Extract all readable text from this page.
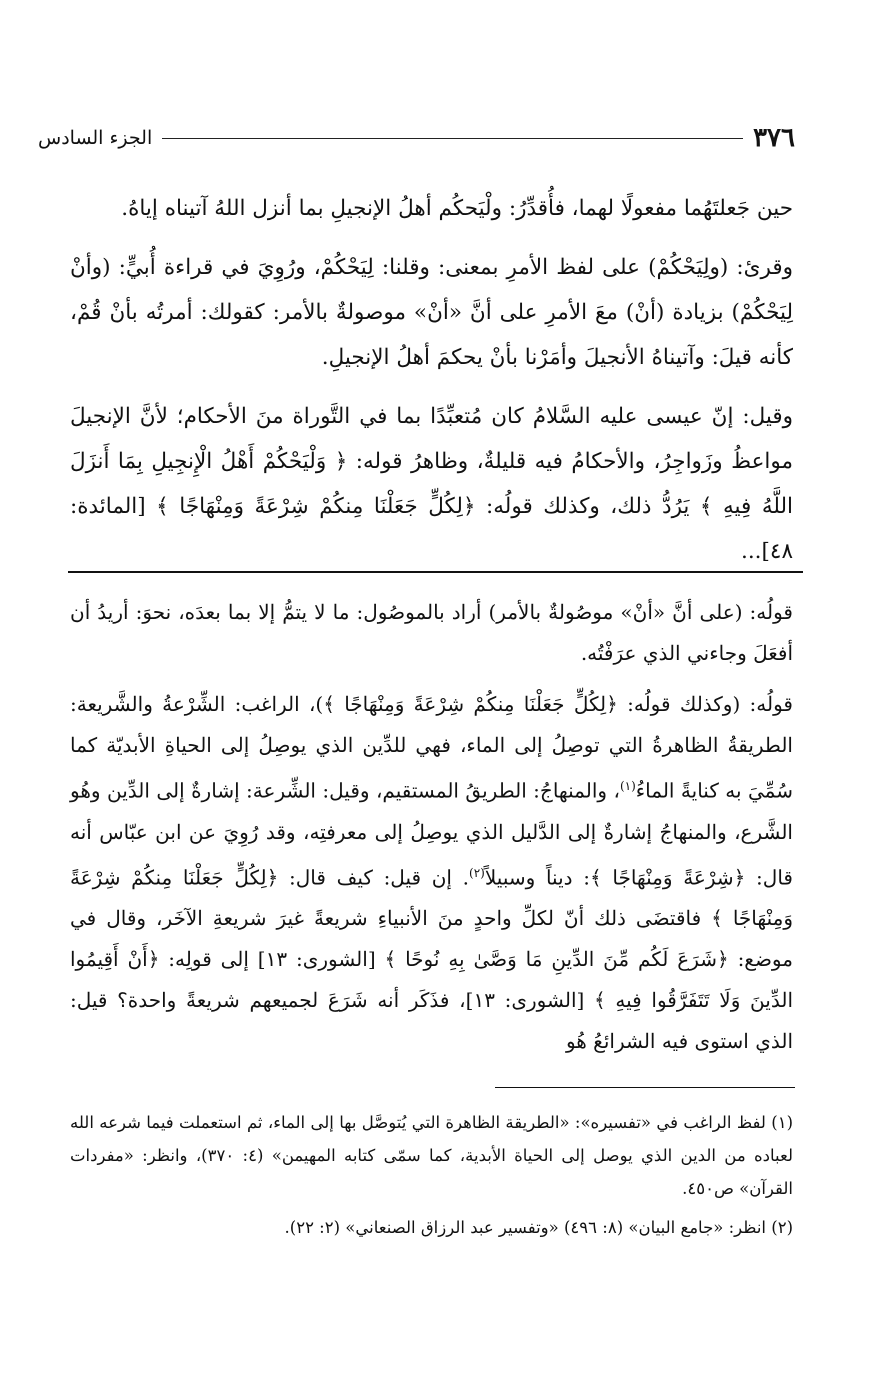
٣٧٦
الجزء السادس

حين جَعلتَهُما مفعولًا لهما، فأُقدِّرُ: ولْيَحكُم أهلُ الإنجيلِ بما أنزل اللهُ آتيناه إياهُ.

وقرئ: (ولِيَحْكُمْ) على لفظ الأمرِ بمعنى: وقلنا: لِيَحْكُمْ، ورُوِيَ في قراءة أُبيٍّ: (وأنْ لِيَحْكُمْ) بزيادة (أنْ) معَ الأمرِ على أنَّ «أنْ» موصولةٌ بالأمر: كقولك: أمرتُه بأنْ قُمْ، كأنه قيلَ: وآتيناهُ الأنجيلَ وأمَرْنا بأنْ يحكمَ أهلُ الإنجيلِ.

وقيل: إنّ عيسى عليه السَّلامُ كان مُتعبِّدًا بما في التَّوراة منَ الأحكام؛ لأنَّ الإنجيلَ مواعظُ وزَواجِرُ، والأحكامُ فيه قليلةٌ، وظاهرُ قوله: ﴿ وَلْيَحْكُمْ أَهْلُ الْإِنجِيلِ بِمَا أَنزَلَ اللَّهُ فِيهِ ﴾ يَرُدُّ ذلك، وكذلك قولُه: ﴿لِكُلٍّ جَعَلْنَا مِنكُمْ شِرْعَةً وَمِنْهَاجًا ﴾ [المائدة: ٤٨]...

قولُه: (على أنَّ «أنْ» موصُولةٌ بالأمر) أراد بالموصُول: ما لا يتمُّ إلا بما بعدَه، نحوَ: أريدُ أن أفعَلَ وجاءني الذي عرَفْتُه.

قولُه: (وكذلك قولُه: ﴿لِكُلٍّ جَعَلْنَا مِنكُمْ شِرْعَةً وَمِنْهَاجًا ﴾)، الراغب: الشِّرْعةُ والشَّريعة: الطريقةُ الظاهرةُ التي توصِلُ إلى الماء، فهي للدِّين الذي يوصِلُ إلى الحياةِ الأبديّة كما سُمِّيَ به كنايةً الماءُ$^{(١)}$، والمنهاجُ: الطريقُ المستقيم، وقيل: الشِّرعة: إشارةٌ إلى الدِّين وهُو الشَّرع، والمنهاجُ إشارةٌ إلى الدَّليل الذي يوصِلُ إلى معرفتِه، وقد رُوِيَ عن ابن عبّاس أنه قال: ﴿شِرْعَةً وَمِنْهَاجًا ﴾: ديناً وسبيلاً$^{(٢)}$. إن قيل: كيف قال: ﴿لِكُلٍّ جَعَلْنَا مِنكُمْ شِرْعَةً وَمِنْهَاجًا ﴾ فاقتضَى ذلك أنّ لكلِّ واحدٍ منَ الأنبياءِ شريعةً غيرَ شريعةِ الآخَر، وقال في موضع: ﴿شَرَعَ لَكُم مِّنَ الدِّينِ مَا وَصَّىٰ بِهِ نُوحًا ﴾ [الشورى: ١٣] إلى قولِه: ﴿أَنْ أَقِيمُوا الدِّينَ وَلَا تَتَفَرَّقُوا فِيهِ ﴾ [الشورى: ١٣]، فذَكَر أنه شَرَعَ لجميعهم شريعةً واحدة؟ قيل: الذي استوى فيه الشرائعُ هُو

(١) لفظ الراغب في «تفسيره»: «الطريقة الظاهرة التي يُتوصَّل بها إلى الماء، ثم استعملت فيما شرعه الله لعباده من الدين الذي يوصل إلى الحياة الأبدية، كما سمّى كتابه المهيمن» (٤: ٣٧٠)، وانظر: «مفردات القرآن» ص٤٥٠.

(٢) انظر: «جامع البيان» (٨: ٤٩٦) «وتفسير عبد الرزاق الصنعاني» (٢: ٢٢).
